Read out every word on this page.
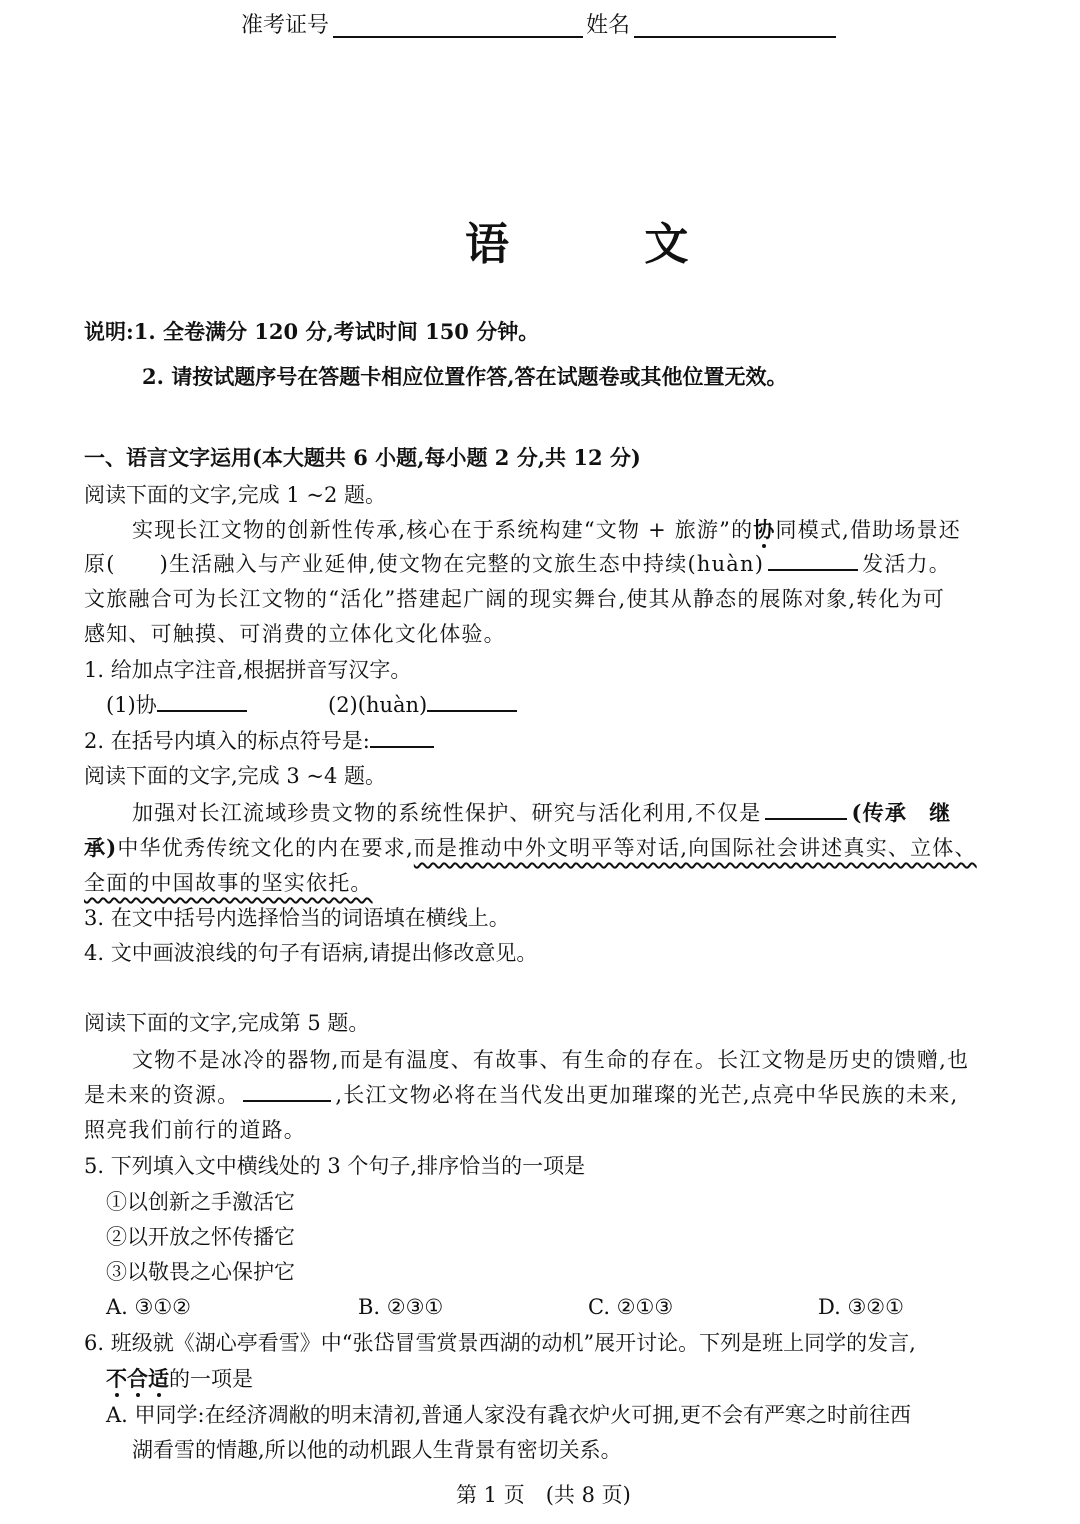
准考证号	姓名
语 文
说明:1. 全卷满分 120 分,考试时间 150 分钟。
2. 请按试题序号在答题卡相应位置作答,答在试题卷或其他位置无效。
一、语言文字运用(本大题共 6 小题,每小题 2 分,共 12 分)
阅读下面的文字,完成 1 ~2 题。
实现长江文物的创新性传承,核心在于系统构建“文物 + 旅游”的协同模式,借助场景还
原( )生活融入与产业延伸,使文物在完整的文旅生态中持续(huàn)	发活力。
文旅融合可为长江文物的“活化”搭建起广阔的现实舞台,使其从静态的展陈对象,转化为可
感知、可触摸、可消费的立体化文化体验。
1. 给加点字注音,根据拼音写汉字。
(1)协	(2)(huàn)
2. 在括号内填入的标点符号是:
阅读下面的文字,完成 3 ~4 题。
加强对长江流域珍贵文物的系统性保护、研究与活化利用,不仅是	(传承　继
承)中华优秀传统文化的内在要求,而是推动中外文明平等对话,向国际社会讲述真实、立体、
全面的中国故事的坚实依托。
3. 在文中括号内选择恰当的词语填在横线上。
4. 文中画波浪线的句子有语病,请提出修改意见。
阅读下面的文字,完成第 5 题。
文物不是冰冷的器物,而是有温度、有故事、有生命的存在。长江文物是历史的馈赠,也
是未来的资源。	,长江文物必将在当代发出更加璀璨的光芒,点亮中华民族的未来,
照亮我们前行的道路。
5. 下列填入文中横线处的 3 个句子,排序恰当的一项是
①以创新之手激活它
②以开放之怀传播它
③以敬畏之心保护它
A. ③①②	B. ②③①	C. ②①③	D. ③②①
6. 班级就《湖心亭看雪》中“张岱冒雪赏景西湖的动机”展开讨论。下列是班上同学的发言,
不合适的一项是
A. 甲同学:在经济凋敝的明末清初,普通人家没有毳衣炉火可拥,更不会有严寒之时前往西
湖看雪的情趣,所以他的动机跟人生背景有密切关系。
第 1 页　(共 8 页)
